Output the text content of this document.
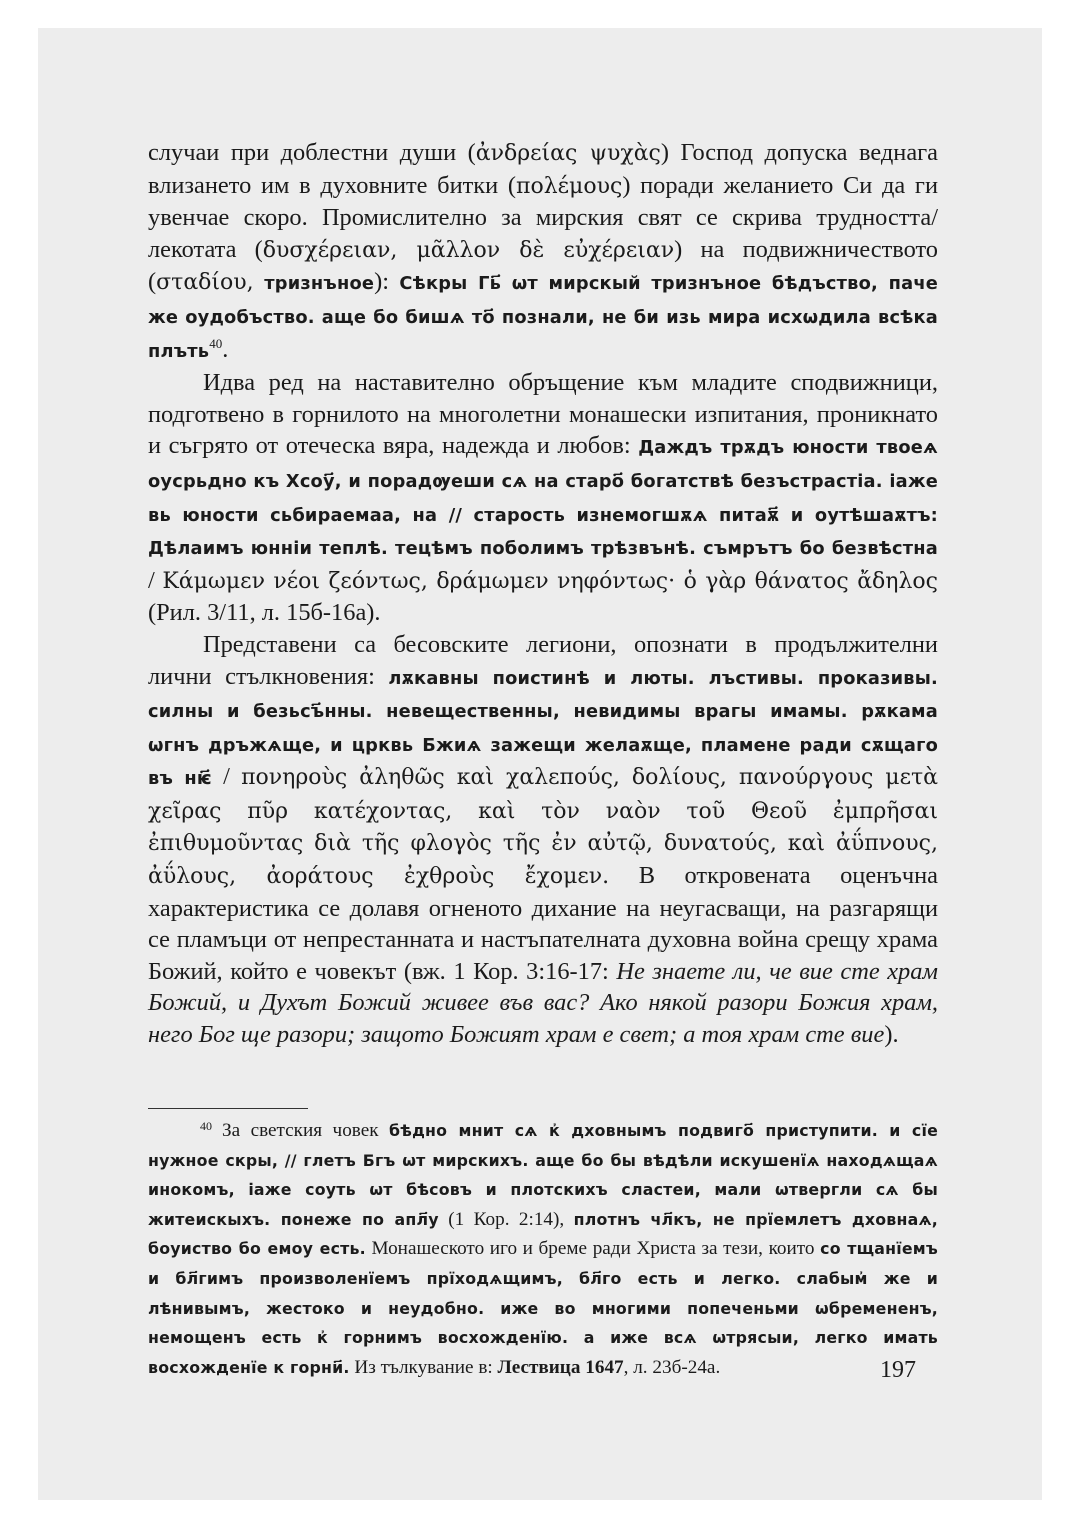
случаи при доблестни души (ἀνδρείας ψυχὰς) Господ допуска веднага влизането им в духовните битки (πολέμους) поради желанието Си да ги увенчае скоро. Промислително за мирския свят се скрива трудността/лекотата (δυσχέρειαν, μᾶλλον δὲ εὐχέρειαν) на подвижничеството (σταδίου, тризнъное): Сѣкры Гь҃ ѡт мирскый тризнъное бѣдъство, паче же оудобъство. аще бо бишѧ то҃ познали, не би изь мира исхѡдила всѣка плъть$^{40}$.

Идва ред на наставително обръщение към младите сподвижници, подготвено в горнилото на многолетни монашески изпитания, проникнато и съгрято от отеческа вяра, надежда и любов: Даждъ трѫдъ юности твоеѧ оусрьдно къ Хсоу҃, и порадѹеши сѧ на старо҃ богатствѣ безъстрастіа. іаже вь юности сьбираемаа, на // старость изнемогшѫѧ питаѫ҃ и оутѣшаѫтъ: Дѣлаимъ юнніи теплѣ. тецѣмъ поболимъ трѣзвънѣ. съмрътъ бо безвѣстна / Κάμωμεν νέοι ζεόντως, δράμωμεν νηφόντως· ὁ γὰρ θάνατος ἄδηλος (Рил. 3/11, л. 15б-16а).

Представени са бесовските легиони, опознати в продължителни лични стълкновения: лѫкавны поистинѣ и люты. лъстивы. проказивы. силны и безьсъ҃нны. невещественны, невидимы врагы имамы. рѫкама ѡгнъ дръжѧще, и црквь Бжиѧ зажещи желаѫще, пламене ради сѫщаго въ нѥ҃ / πονηροὺς ἀληθῶς καὶ χαλεπούς, δολίους, πανούργους μετὰ χεῖρας πῦρ κατέχοντας, καὶ τὸν ναὸν τοῦ Θεοῦ ἐμπρῆσαι ἐπιθυμοῦντας διὰ τῆς φλογὸς τῆς ἐν αὐτῷ, δυνατούς, καὶ ἀΰπνους, ἀΰλους, ἀοράτους ἐχθροὺς ἔχομεν. В откровената оценъчна характеристика се долавя огненото дихание на неугасващи, на разгарящи се пламъци от непрестанната и настъпателната духовна война срещу храма Божий, който е човекът (вж. 1 Кор. 3:16-17: Не знаете ли, че вие сте храм Божий, и Духът Божий живее във вас? Ако някой разори Божия храм, него Бог ще разори; защото Божият храм е свет; а тоя храм сте вие).

$^{40}$ За светския човек бѣдно мнит сѧ к҆ дховнымъ подвиго҃ приступити. и сїе нужное скры, // глетъ Бгъ ѡт мирскихъ. аще бо бы вѣдѣли искушенїѧ находѧщаѧ инокомъ, іаже соуть ѡт бѣсовъ и плотскихъ сластеи, мали ѡтвергли сѧ бы житеискыхъ. понеже по апл҃у (1 Кор. 2:14), плотнъ чл҃къ, не прїемлетъ дховнаѧ, боуиство бо емоу есть. Монашеското иго и бреме ради Христа за тези, които со тщанїемъ и бл҃гимъ произволенїемъ прїходѧщимъ, бл҃го есть и легко. слабым҆ же и лѣнивымъ, жестоко и неудобно. иже во многими попеченьми ѡбремененъ, немощенъ есть к҆ горнимъ восхожденїю. а иже всѧ ѡтрясыи, легко имать восхожденїе к горни҃. Из тълкувание в: Лествица 1647, л. 23б-24а.	197
